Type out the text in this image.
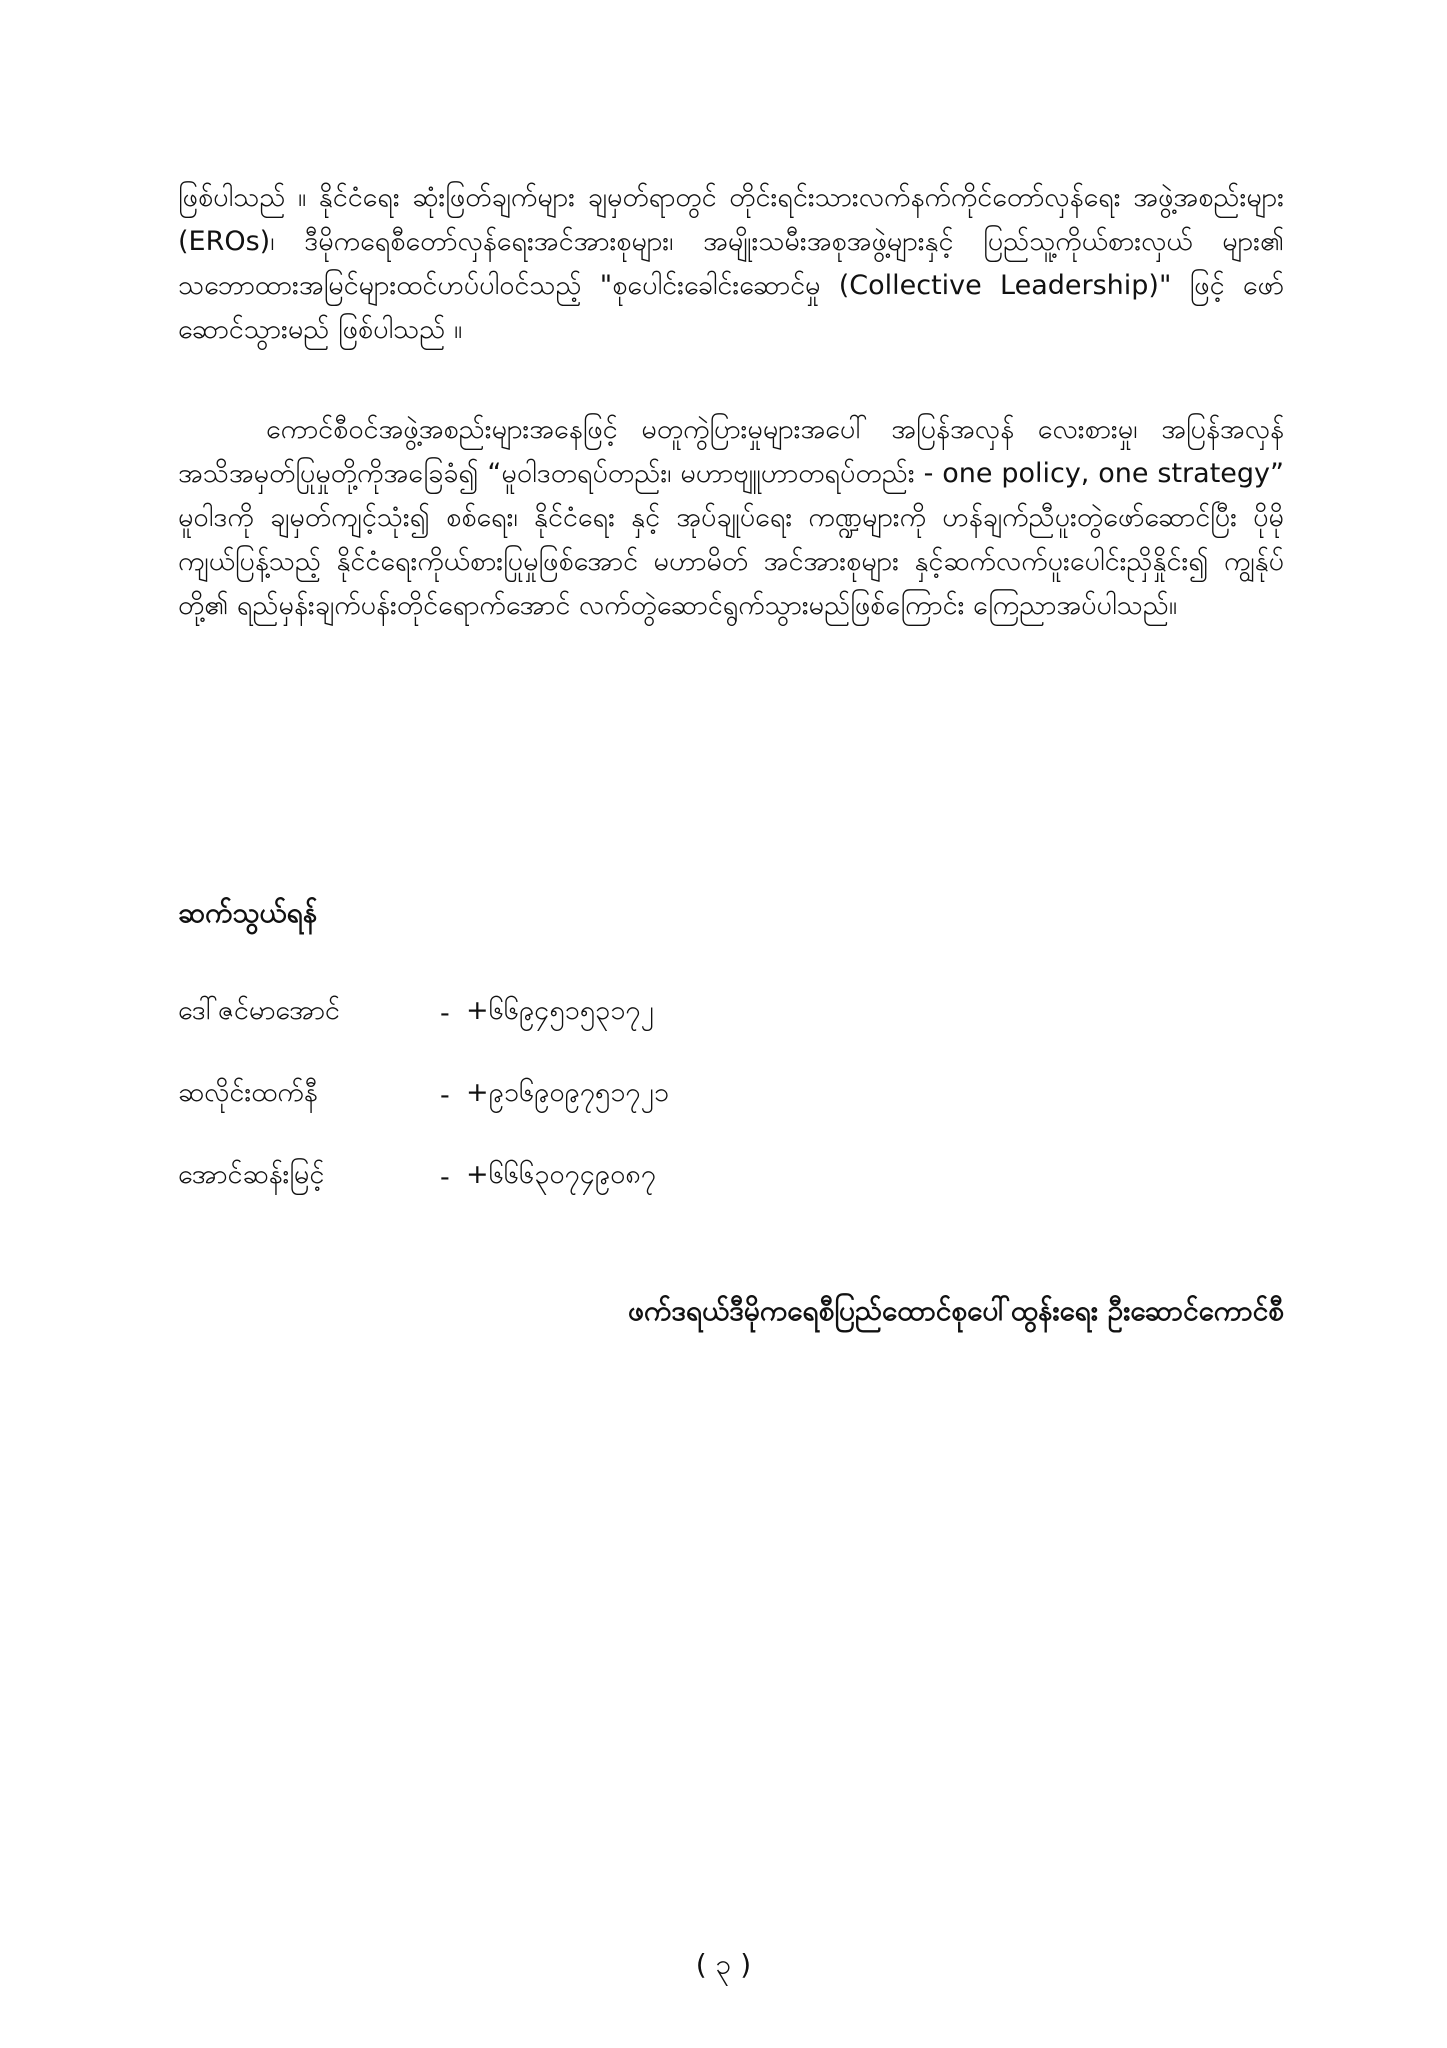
ဖြစ်ပါသည် ။ နိုင်ငံရေး ဆုံးဖြတ်ချက်များ ချမှတ်ရာတွင် တိုင်းရင်းသားလက်နက်ကိုင်တော်လှန်ရေး အဖွဲ့အစည်းများ (EROs)၊ ဒီမိုကရေစီတော်လှန်ရေးအင်အားစုများ၊ အမျိုးသမီးအစုအဖွဲ့များနှင့် ပြည်သူ့ကိုယ်စားလှယ် များ၏ သဘောထားအမြင်များထင်ဟပ်ပါဝင်သည့် "စုပေါင်းခေါင်းဆောင်မှု (Collective Leadership)" ဖြင့် ဖော်ဆောင်သွားမည် ဖြစ်ပါသည် ။

ကောင်စီဝင်အဖွဲ့အစည်းများအနေဖြင့် မတူကွဲပြားမှုများအပေါ် အပြန်အလှန် လေးစားမှု၊ အပြန်အလှန် အသိအမှတ်ပြုမှုတို့ကိုအခြေခံ၍ “မူဝါဒတရပ်တည်း၊ မဟာဗျူဟာတရပ်တည်း - one policy, one strategy” မူဝါဒကို ချမှတ်ကျင့်သုံး၍ စစ်ရေး၊ နိုင်ငံရေး နှင့် အုပ်ချုပ်ရေး ကဏ္ဍများကို ဟန်ချက်ညီပူးတွဲဖော်ဆောင်ပြီး ပိုမိုကျယ်ပြန့်သည့် နိုင်ငံရေးကိုယ်စားပြုမှုဖြစ်အောင် မဟာမိတ် အင်အားစုများ နှင့်ဆက်လက်ပူးပေါင်းညှိနှိုင်း၍ ကျွန်ုပ်တို့၏ ရည်မှန်းချက်ပန်းတိုင်ရောက်အောင် လက်တွဲဆောင်ရွက်သွားမည်ဖြစ်ကြောင်း ကြေညာအပ်ပါသည်။

ဆက်သွယ်ရန်
ဒေါ်ဇင်မာအောင်	- +၆၆၉၄၅၁၅၃၁၇၂
ဆလိုင်းထက်နီ	- +၉၁၆၉၀၉၇၅၁၇၂၁
အောင်ဆန်းမြင့်	- +၆၆၆၃၀၇၄၉၀၈၇

ဖက်ဒရယ်ဒီမိုကရေစီပြည်ထောင်စုပေါ်ထွန်းရေး ဦးဆောင်ကောင်စီ

( ၃ )
